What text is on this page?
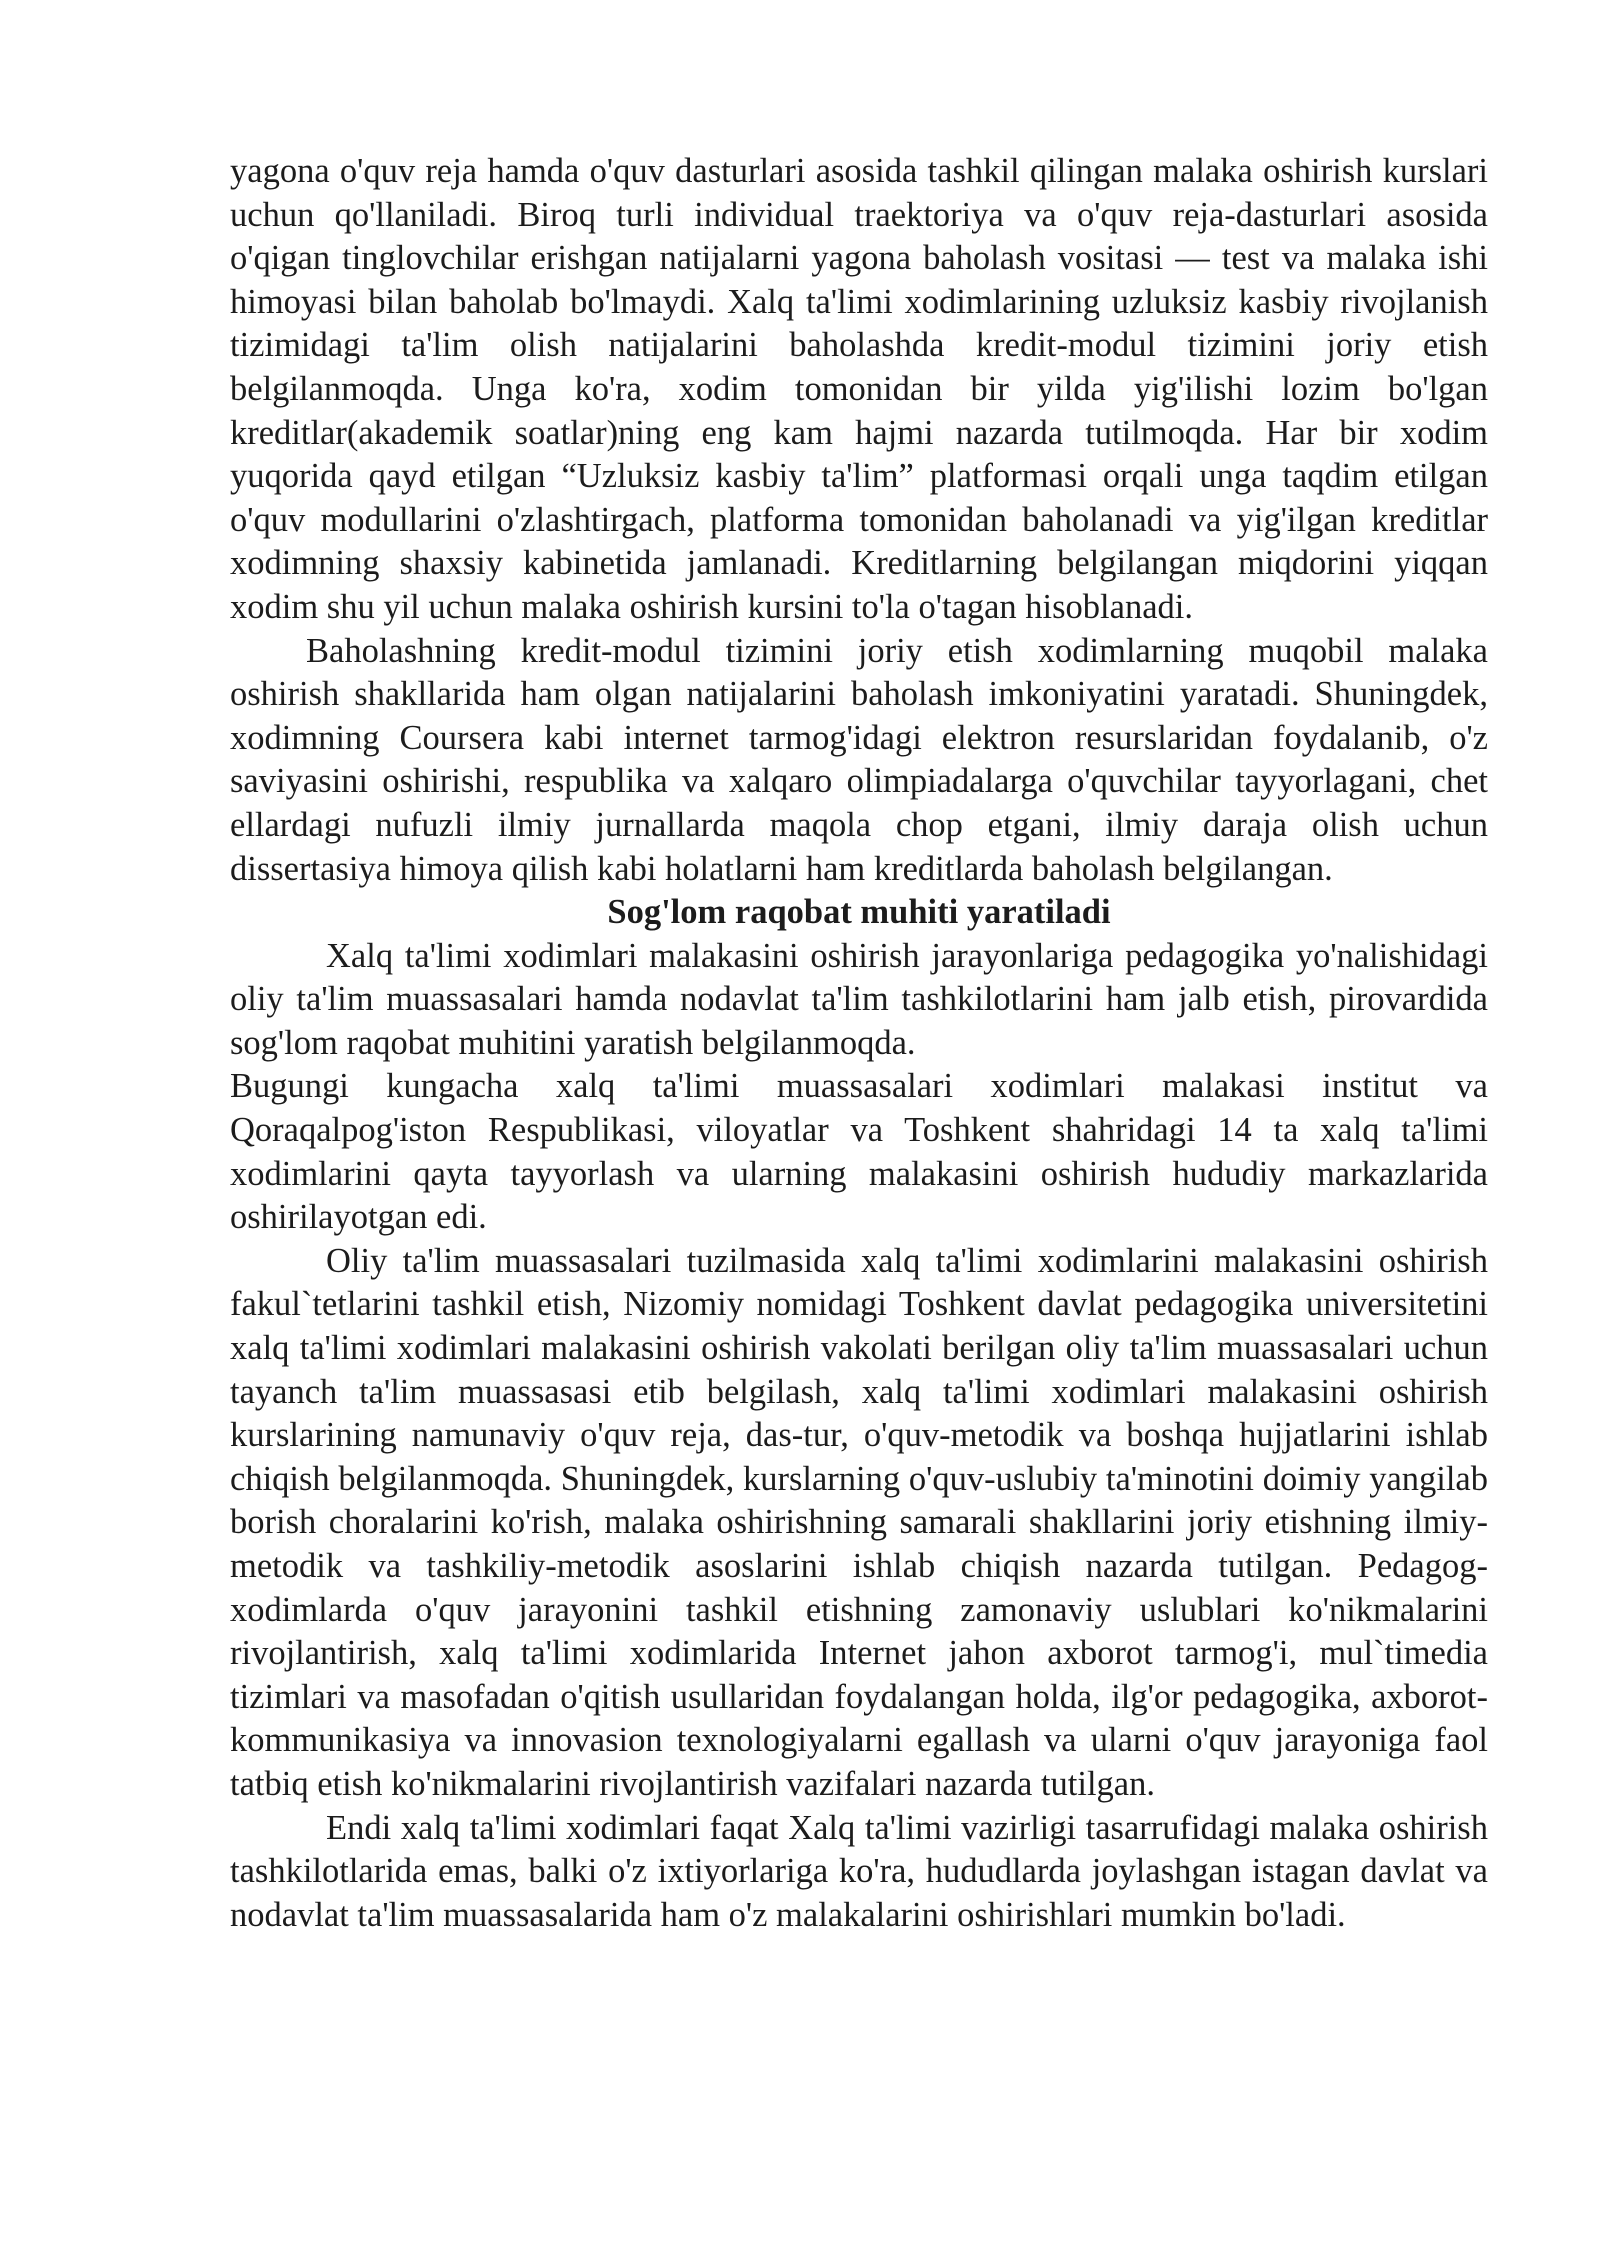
yagona o'quv reja hamda o'quv dasturlari asosida tashkil qilingan malaka oshirish kurslari uchun qo'llaniladi. Biroq turli individual traektoriya va o'quv reja-dasturlari asosida o'qigan tinglovchilar erishgan natijalarni yagona baholash vositasi — test va malaka ishi himoyasi bilan baholab bo'lmaydi. Xalq ta'limi xodimlarining uzluksiz kasbiy rivojlanish tizimidagi ta'lim olish natijalarini baholashda kredit-modul tizimini joriy etish belgilanmoqda. Unga ko'ra, xodim tomonidan bir yilda yig'ilishi lozim bo'lgan kreditlar(akademik soatlar)ning eng kam hajmi nazarda tutilmoqda. Har bir xodim yuqorida qayd etilgan “Uzluksiz kasbiy ta'lim” platformasi orqali unga taqdim etilgan o'quv modullarini o'zlashtirgach, platforma tomonidan baholanadi va yig'ilgan kreditlar xodimning shaxsiy kabinetida jamlanadi. Kreditlarning belgilangan miqdorini yiqqan xodim shu yil uchun malaka oshirish kursini to'la o'tagan hisoblanadi.

Baholashning kredit-modul tizimini joriy etish xodimlarning muqobil malaka oshirish shakllarida ham olgan natijalarini baholash imkoniyatini yaratadi. Shuningdek, xodimning Coursera kabi internet tarmog'idagi elektron resurslaridan foydalanib, o'z saviyasini oshirishi, respublika va xalqaro olimpiadalarga o'quvchilar tayyorlagani, chet ellardagi nufuzli ilmiy jurnallarda maqola chop etgani, ilmiy daraja olish uchun dissertasiya himoya qilish kabi holatlarni ham kreditlarda baholash belgilangan.

Sog'lom raqobat muhiti yaratiladi

Xalq ta'limi xodimlari malakasini oshirish jarayonlariga pedagogika yo'nalishidagi oliy ta'lim muassasalari hamda nodavlat ta'lim tashkilotlarini ham jalb etish, pirovardida sog'lom raqobat muhitini yaratish belgilanmoqda.

Bugungi kungacha xalq ta'limi muassasalari xodimlari malakasi institut va Qoraqalpog'iston Respublikasi, viloyatlar va Toshkent shahridagi 14 ta xalq ta'limi xodimlarini qayta tayyorlash va ularning malakasini oshirish hududiy markazlarida oshirilayotgan edi.

Oliy ta'lim muassasalari tuzilmasida xalq ta'limi xodimlarini malakasini oshirish fakul`tetlarini tashkil etish, Nizomiy nomidagi Toshkent davlat pedagogika universitetini xalq ta'limi xodimlari malakasini oshirish vakolati berilgan oliy ta'lim muassasalari uchun tayanch ta'lim muassasasi etib belgilash, xalq ta'limi xodimlari malakasini oshirish kurslarining namunaviy o'quv reja, das-tur, o'quv-metodik va boshqa hujjatlarini ishlab chiqish belgilanmoqda. Shuningdek, kurslarning o'quv-uslubiy ta'minotini doimiy yangilab borish choralarini ko'rish, malaka oshirishning samarali shakllarini joriy etishning ilmiy-metodik va tashkiliy-metodik asoslarini ishlab chiqish nazarda tutilgan. Pedagog-xodimlarda o'quv jarayonini tashkil etishning zamonaviy uslublari ko'nikmalarini rivojlantirish, xalq ta'limi xodimlarida Internet jahon axborot tarmog'i, mul`timedia tizimlari va masofadan o'qitish usullaridan foydalangan holda, ilg'or pedagogika, axborot-kommunikasiya va innovasion texnologiyalarni egallash va ularni o'quv jarayoniga faol tatbiq etish ko'nikmalarini rivojlantirish vazifalari nazarda tutilgan.

Endi xalq ta'limi xodimlari faqat Xalq ta'limi vazirligi tasarrufidagi malaka oshirish tashkilotlarida emas, balki o'z ixtiyorlariga ko'ra, hududlarda joylashgan istagan davlat va nodavlat ta'lim muassasalarida ham o'z malakalarini oshirishlari mumkin bo'ladi.
